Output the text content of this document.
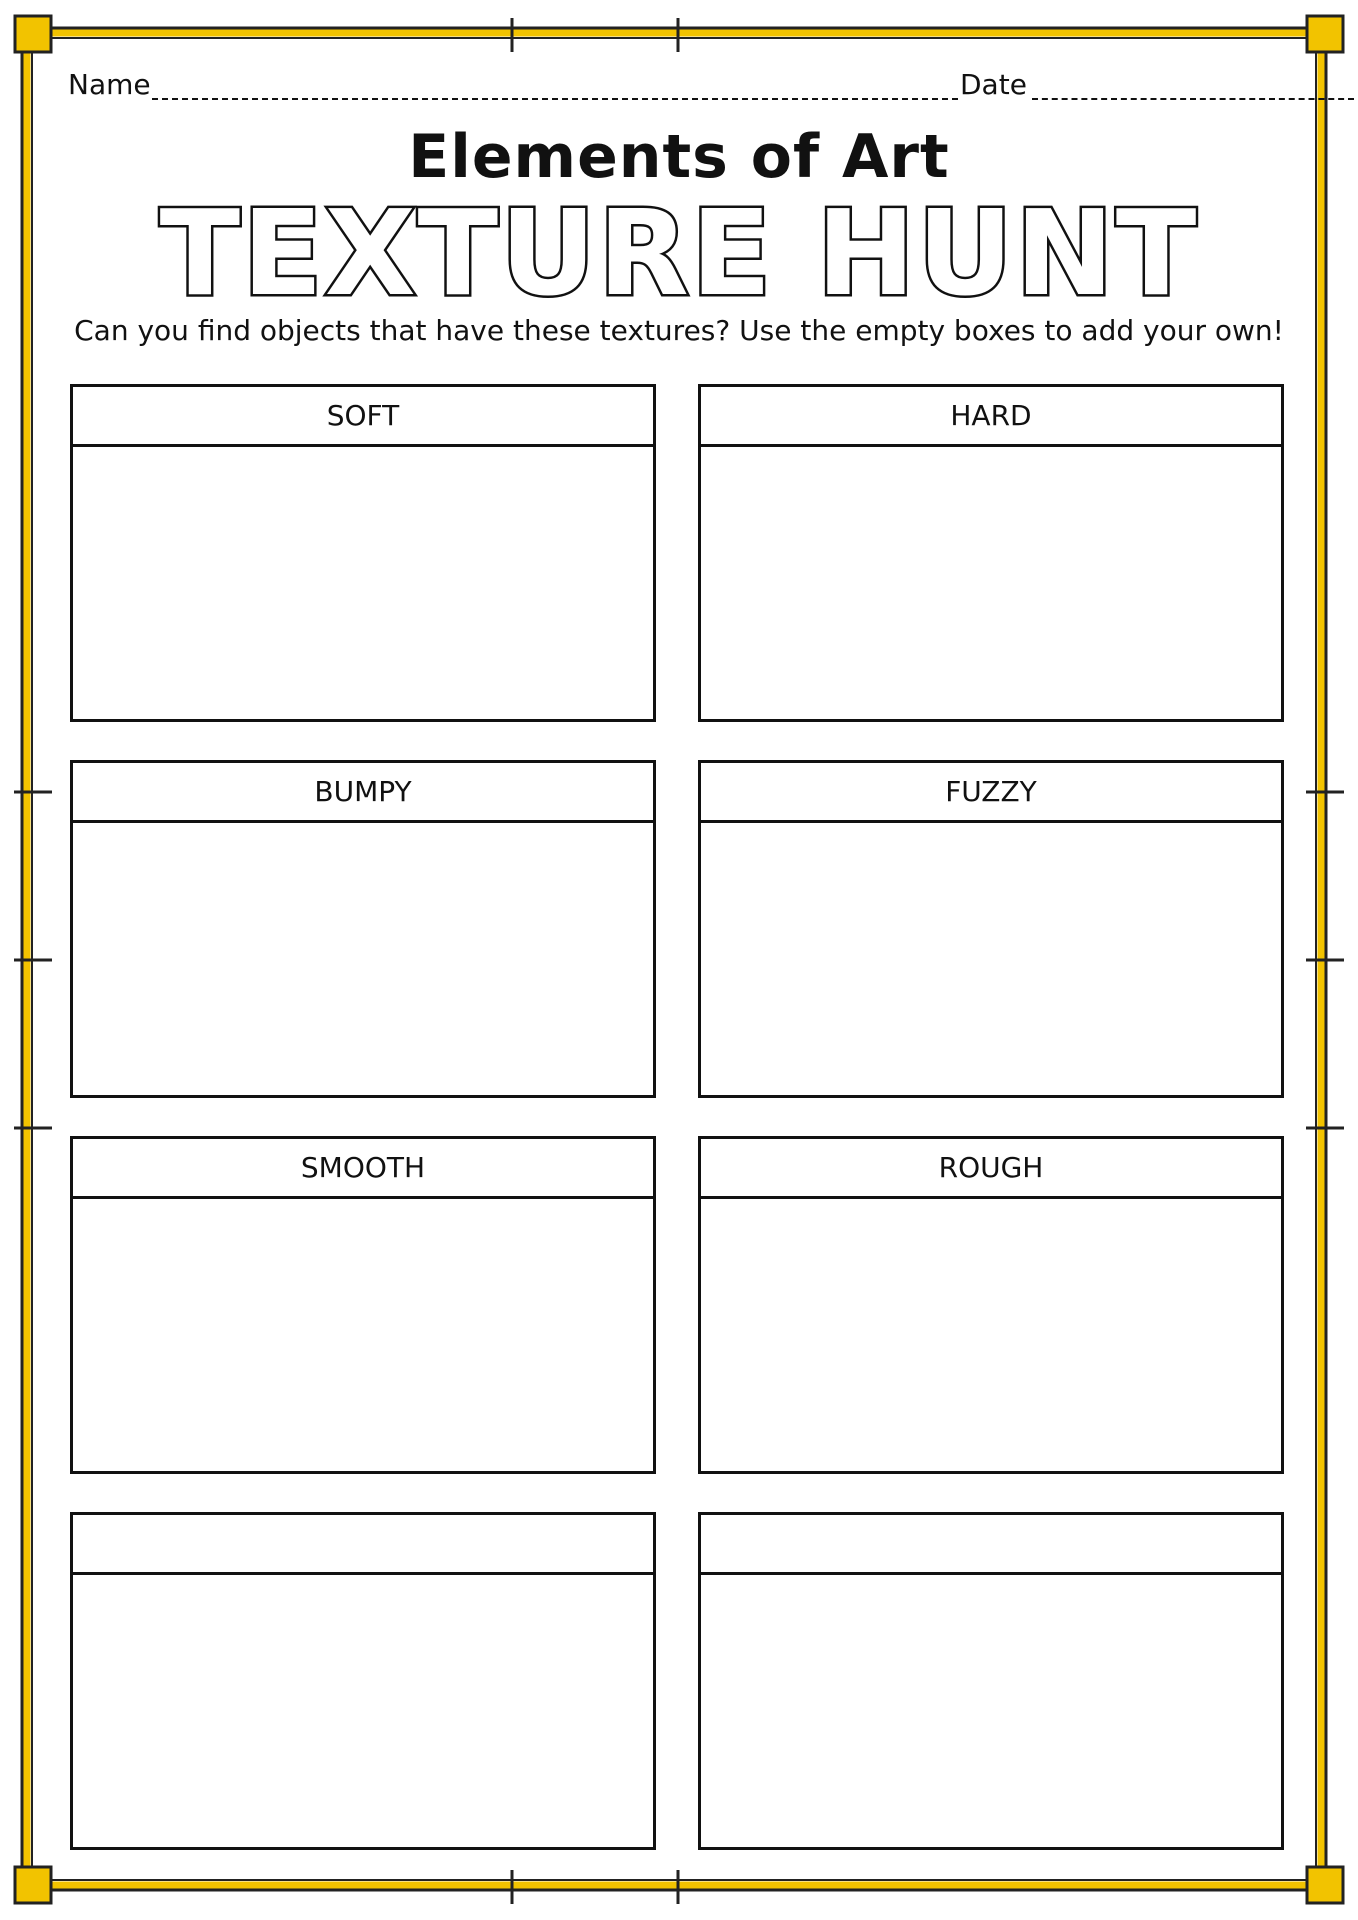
Name	Date
Elements of Art
TEXTURE HUNT
Can you find objects that have these textures? Use the empty boxes to add your own!
SOFT	HARD
BUMPY	FUZZY
SMOOTH	ROUGH
